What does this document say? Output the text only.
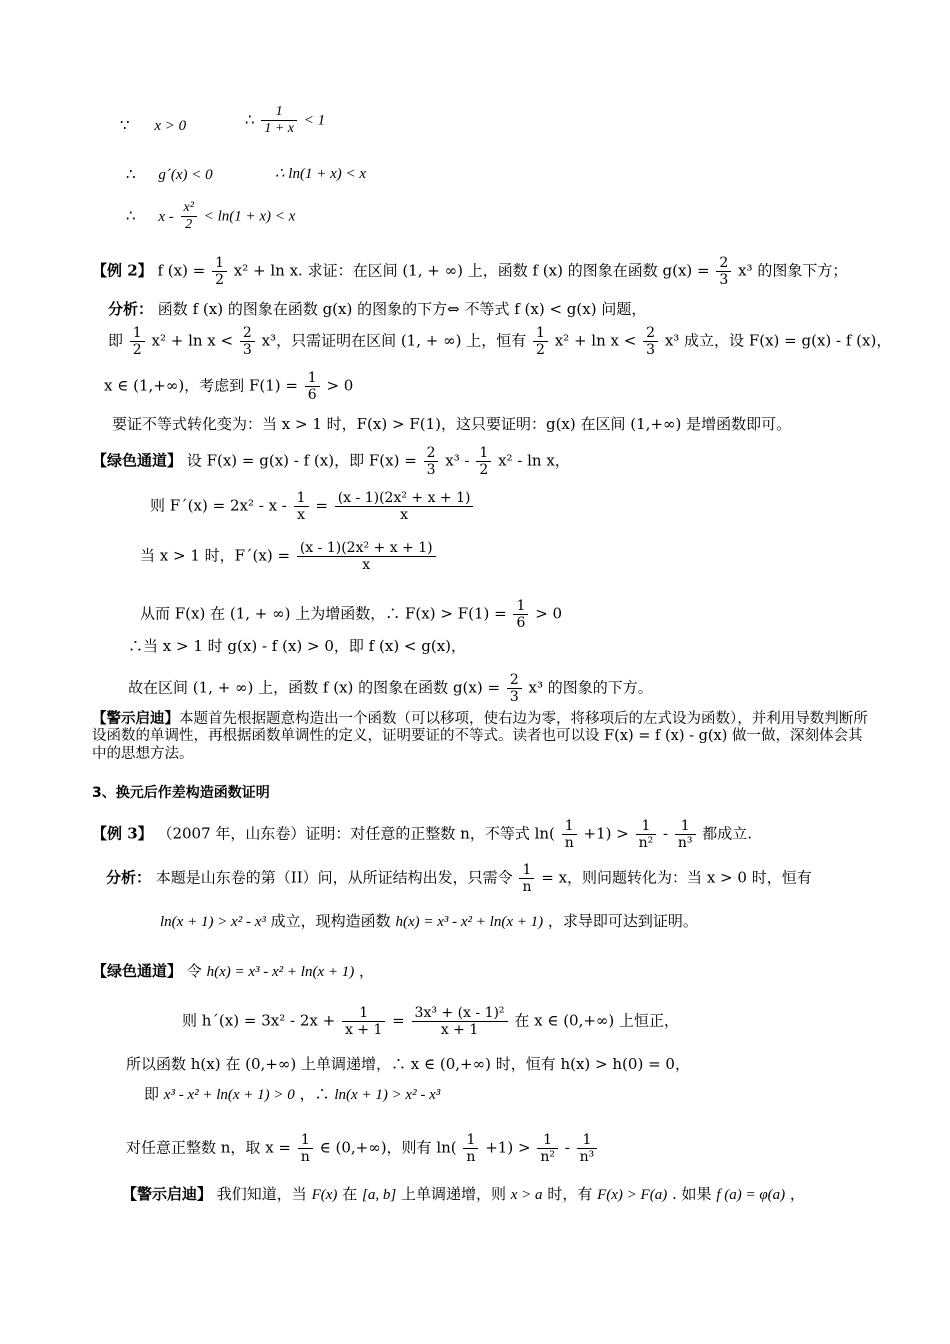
∵ x > 0	∴ $\frac{1}{1 + x} < 1$
∴ g´(x) < 0	∴ ln(1 + x) < x
∴ $x - \frac{\text{x²}}{2} < \ln(1 + x) < x$
【例 2】 f $(x) = \frac{1}{2} x^2 + \ln x$. 求证：在区间 (1, + ∞) 上，函数 f (x) 的图象在函数 $g(x) = \frac{2}{3} x^3$ 的图象下方；
分析： 函数 f (x) 的图象在函数 g(x) 的图象的下方⇔ 不等式 f (x) < g(x) 问题，
即 $\frac{1}{2} x^2 + \ln x < \frac{2}{3} x^3$，只需证明在区间 (1, + ∞) 上，恒有 $\frac{1}{2} x^2 + \ln x < \frac{2}{3} x^3$ 成立，设 F(x) = g(x) - f (x)，
x ∈ (1,+∞)，考虑到 $F(1) = \frac{1}{6} > 0$
要证不等式转化变为：当 x > 1 时，F(x) > F(1)，这只要证明：g(x) 在区间 (1,+∞) 是增函数即可。
【绿色通道】 设 F(x) = g(x) - f (x)，即 $F(x) = \frac{2}{3} x^3 - \frac{1}{2} x^2 - \ln x$，
则 F´(x) = $2x^2 - x - \frac{1}{x} = \frac{\text{(x - 1)(2x² + x + 1)}}{x}$
当 x > 1 时，F´(x) = $\frac{\text{(x - 1)(2x² + x + 1)}}{x}$
从而 F(x) 在 (1, + ∞) 上为增函数，∴ $F(x) > F(1) = \frac{1}{6} > 0$
∴当 x > 1 时 g(x) - f (x) > 0，即 f (x) < g(x)，
故在区间 (1, + ∞) 上，函数 f (x) 的图象在函数 $g(x) = \frac{2}{3} x^3$ 的图象的下方。
【警示启迪】本题首先根据题意构造出一个函数（可以移项，使右边为零，将移项后的左式设为函数），并利用导数判断所设函数的单调性，再根据函数单调性的定义，证明要证的不等式。读者也可以设 F(x) = f (x) - g(x) 做一做，深刻体会其中的思想方法。
3、换元后作差构造函数证明
【例 3】 （2007 年，山东卷）证明：对任意的正整数 n，不等式 $\ln( \frac{1}{n} +1) > \frac{1}{\text{n²}} - \frac{1}{\text{n³}}$ 都成立.
分析： 本题是山东卷的第（II）问，从所证结构出发，只需令 $\frac{1}{n} = x$，则问题转化为：当 x > 0 时，恒有
ln(x + 1) > x² - x³ 成立，现构造函数 h(x) = x³ - x² + ln(x + 1) ，求导即可达到证明。
【绿色通道】 令 h(x) = x³ - x² + ln(x + 1) ，
则 h´(x) = $3x^2 - 2x + \frac{1}{x + 1} = \frac{\text{3x³ + (x - 1)²}}{x + 1}$ 在 x ∈ (0,+∞) 上恒正，
所以函数 h(x) 在 (0,+∞) 上单调递增，∴ x ∈ (0,+∞) 时，恒有 h(x) > h(0) = 0，
即 x³ - x² + ln(x + 1) > 0 ，∴ ln(x + 1) > x² - x³
对任意正整数 n，取 $x = \frac{1}{n}$ ∈ (0,+∞)，则有 $\ln( \frac{1}{n} +1) > \frac{1}{\text{n²}} - \frac{1}{\text{n³}}$
【警示启迪】 我们知道，当 F(x) 在 [a, b] 上单调递增，则 x > a 时，有 F(x) > F(a) . 如果 f (a) = φ(a) ，
